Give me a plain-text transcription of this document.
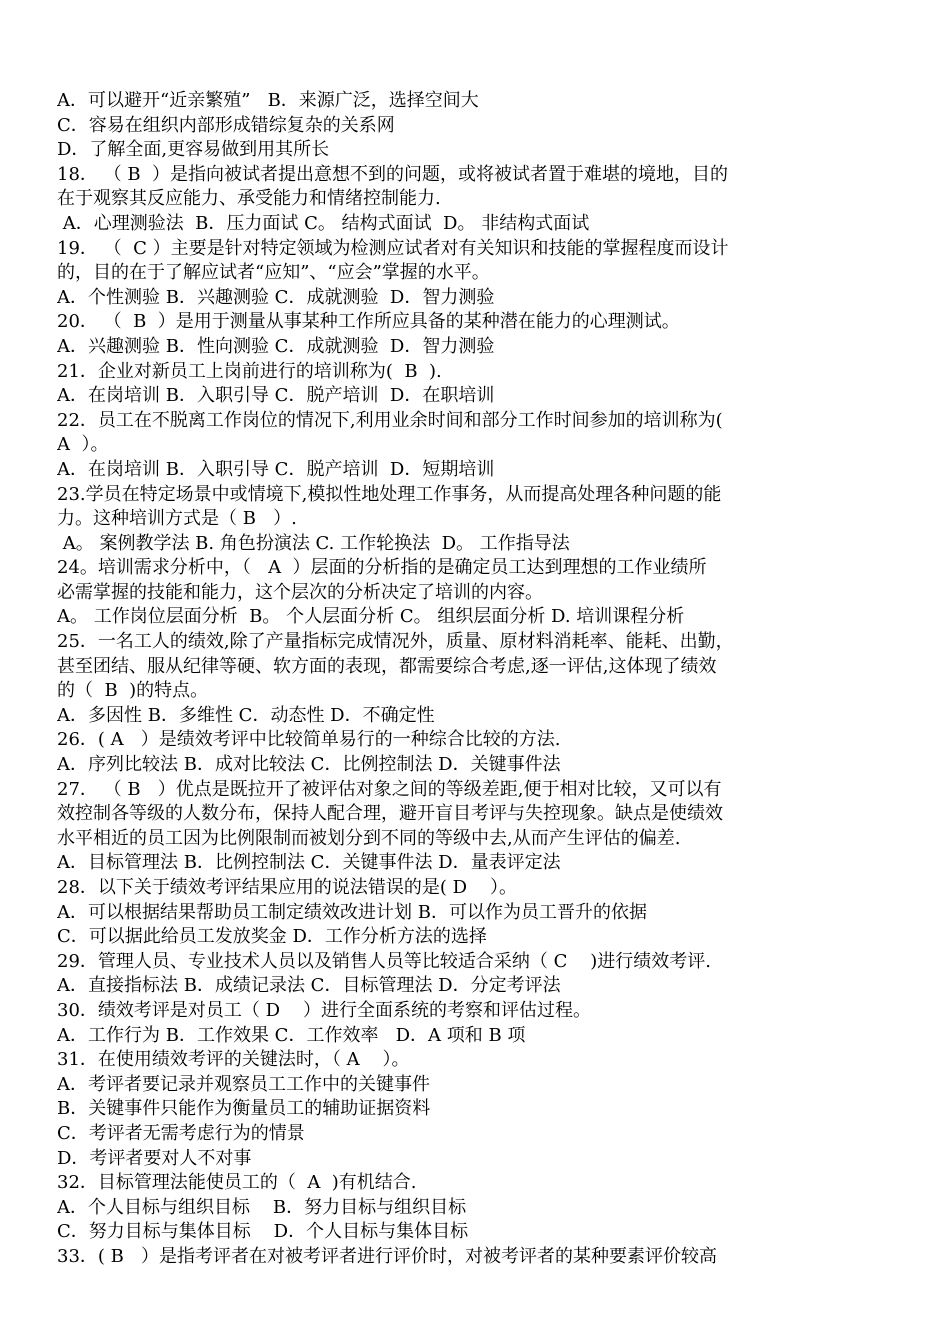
A．可以避开“近亲繁殖”   B．来源广泛，选择空间大
C．容易在组织内部形成错综复杂的关系网
D．了解全面,更容易做到用其所长
18． （ B  ）是指向被试者提出意想不到的问题，或将被试者置于难堪的境地，目的
在于观察其反应能力、承受能力和情绪控制能力.
A．心理测验法  B．压力面试 C。 结构式面试  D。 非结构式面试
19． （  C ）主要是针对特定领域为检测应试者对有关知识和技能的掌握程度而设计
的，目的在于了解应试者“应知”、“应会”掌握的水平。
A．个性测验 B．兴趣测验 C．成就测验  D．智力测验
20． （  B  ）是用于测量从事某种工作所应具备的某种潜在能力的心理测试。
A．兴趣测验 B．性向测验 C．成就测验  D．智力测验
21．企业对新员工上岗前进行的培训称为(  B  ).
A．在岗培训 B．入职引导 C．脱产培训  D．在职培训
22．员工在不脱离工作岗位的情况下,利用业余时间和部分工作时间参加的培训称为(
A  ）。
A．在岗培训 B．入职引导 C．脱产培训  D．短期培训
23.学员在特定场景中或情境下,模拟性地处理工作事务，从而提高处理各种问题的能
力。这种培训方式是（ B   ）.
A。 案例教学法 B. 角色扮演法 C. 工作轮换法  D。 工作指导法
24。培训需求分析中，（   A  ）层面的分析指的是确定员工达到理想的工作业绩所
必需掌握的技能和能力，这个层次的分析决定了培训的内容。
A。 工作岗位层面分析  B。 个人层面分析 C。 组织层面分析 D. 培训课程分析
25．一名工人的绩效,除了产量指标完成情况外，质量、原材料消耗率、能耗、出勤，
甚至团结、服从纪律等硬、软方面的表现，都需要综合考虑,逐一评估,这体现了绩效
的（  B  )的特点。
A．多因性 B．多维性 C．动态性 D．不确定性
26．( A   ）是绩效考评中比较简单易行的一种综合比较的方法.
A．序列比较法 B．成对比较法 C．比例控制法 D．关键事件法
27． （ B   ）优点是既拉开了被评估对象之间的等级差距,便于相对比较，又可以有
效控制各等级的人数分布，保持人配合理，避开盲目考评与失控现象。缺点是使绩效
水平相近的员工因为比例限制而被划分到不同的等级中去,从而产生评估的偏差.
A．目标管理法 B．比例控制法 C．关键事件法 D．量表评定法
28．以下关于绩效考评结果应用的说法错误的是( D    ）。
A．可以根据结果帮助员工制定绩效改进计划 B．可以作为员工晋升的依据
C．可以据此给员工发放奖金 D．工作分析方法的选择
29．管理人员、专业技术人员以及销售人员等比较适合采纳（ C    )进行绩效考评.
A．直接指标法 B．成绩记录法 C．目标管理法 D．分定考评法
30．绩效考评是对员工（ D    ）进行全面系统的考察和评估过程。
A．工作行为 B．工作效果 C．工作效率   D．A 项和 B 项
31．在使用绩效考评的关键法时，（ A    ）。
A．考评者要记录并观察员工工作中的关键事件
B．关键事件只能作为衡量员工的辅助证据资料
C．考评者无需考虑行为的情景
D．考评者要对人不对事
32．目标管理法能使员工的（  A  )有机结合.
A．个人目标与组织目标    B．努力目标与组织目标
C．努力目标与集体目标    D．个人目标与集体目标
33．( B   ）是指考评者在对被考评者进行评价时，对被考评者的某种要素评价较高
